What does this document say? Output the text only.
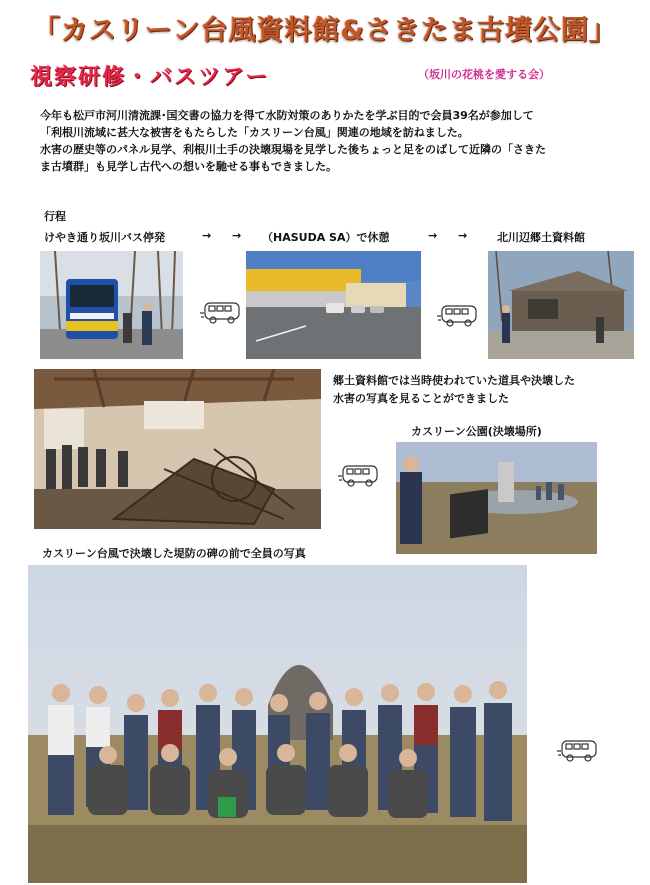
「カスリーン台風資料館&さきたま古墳公園」
視察研修・バスツアー	（坂川の花桃を愛する会）

今年も松戸市河川清流課･国交書の協力を得て水防対策のありかたを学ぶ目的で会員39名が参加して

「利根川流域に甚大な被害をもたらした「カスリーン台風」関連の地域を訪ねました。

水害の歴史等のパネル見学、利根川土手の決壊現場を見学した後ちょっと足をのばして近隣の「さきた

ま古墳群」も見学し古代への想いを馳せる事もできました。

行程
けやき通り坂川バス停発	→ → （HASUDA SA）で休憩	→ →	北川辺郷土資料館
郷土資料館では当時使われていた道具や決壊した
水害の写真を見ることができました
カスリーン公園(決壊場所)
カスリーン台風で決壊した堤防の碑の前で全員の写真
